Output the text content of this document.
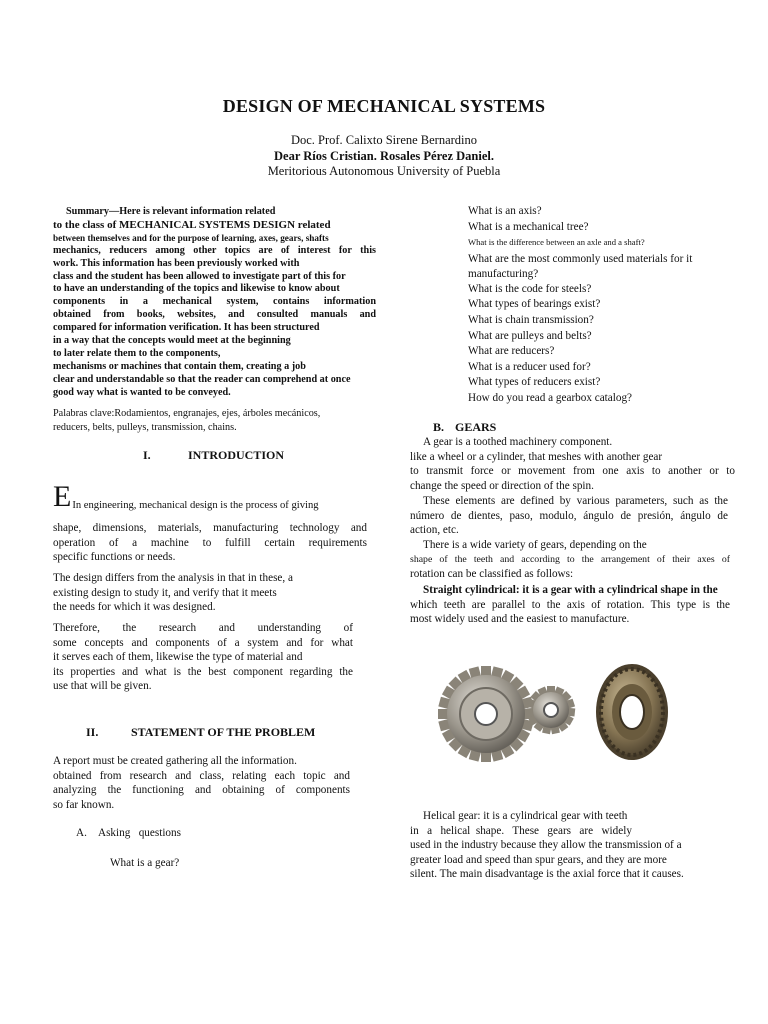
DESIGN OF MECHANICAL SYSTEMS
Doc. Prof. Calixto Sirene Bernardino
Dear Ríos Cristian. Rosales Pérez Daniel.
Meritorious Autonomous University of Puebla

Summary—Here is relevant information related

to the class of MECHANICAL SYSTEMS DESIGN related

between themselves and for the purpose of learning, axes, gears, shafts

mechanics, reducers among other topics are of interest for this

work. This information has been previously worked with

class and the student has been allowed to investigate part of this for

to have an understanding of the topics and likewise to know about

components in a mechanical system, contains information

obtained from books, websites, and consulted manuals and

compared for information verification. It has been structured

in a way that the concepts would meet at the beginning

to later relate them to the components,

mechanisms or machines that contain them, creating a job

clear and understandable so that the reader can comprehend at once

good way what is wanted to be conveyed.

Palabras clave:Rodamientos, engranajes, ejes, árboles mecánicos,

reducers, belts, pulleys, transmission, chains.

I.	INTRODUCTION
E In engineering, mechanical design is the process of giving

shape, dimensions, materials, manufacturing technology and

operation of a machine to fulfill certain requirements

specific functions or needs.

The design differs from the analysis in that in these, a

existing design to study it, and verify that it meets

the needs for which it was designed.

Therefore, the research and understanding of

some concepts and components of a system and for what

it serves each of them, likewise the type of material and

its properties and what is the best component regarding the

use that will be given.

II.	STATEMENT OF THE PROBLEM

A report must be created gathering all the information.

obtained from research and class, relating each topic and

analyzing the functioning and obtaining of components

so far known.

A. Asking   questions
What is a gear?
What is an axis?
What is a mechanical tree?
What is the difference between an axle and a shaft?
What are the most commonly used materials for it
manufacturing?
What is the code for steels?
What types of bearings exist?
What is chain transmission?
What are pulleys and belts?
What are reducers?
What is a reducer used for?
What types of reducers exist?
How do you read a gearbox catalog?
B. GEARS

A gear is a toothed machinery component.

like a wheel or a cylinder, that meshes with another gear

to transmit force or movement from one axis to another or to

change the speed or direction of the spin.

These elements are defined by various parameters, such as the

número de dientes, paso, modulo, ángulo de presión, ángulo de

action, etc.

There is a wide variety of gears, depending on the

shape of the teeth and according to the arrangement of their axes of

rotation can be classified as follows:

Straight cylindrical: it is a gear with a cylindrical shape in the

which teeth are parallel to the axis of rotation. This type is the

most widely used and the easiest to manufacture.

Helical gear: it is a cylindrical gear with teeth

in   a   helical  shape.   These   gears   are   widely

used in the industry because they allow the transmission of a

greater load and speed than spur gears, and they are more

silent. The main disadvantage is the axial force that it causes.
